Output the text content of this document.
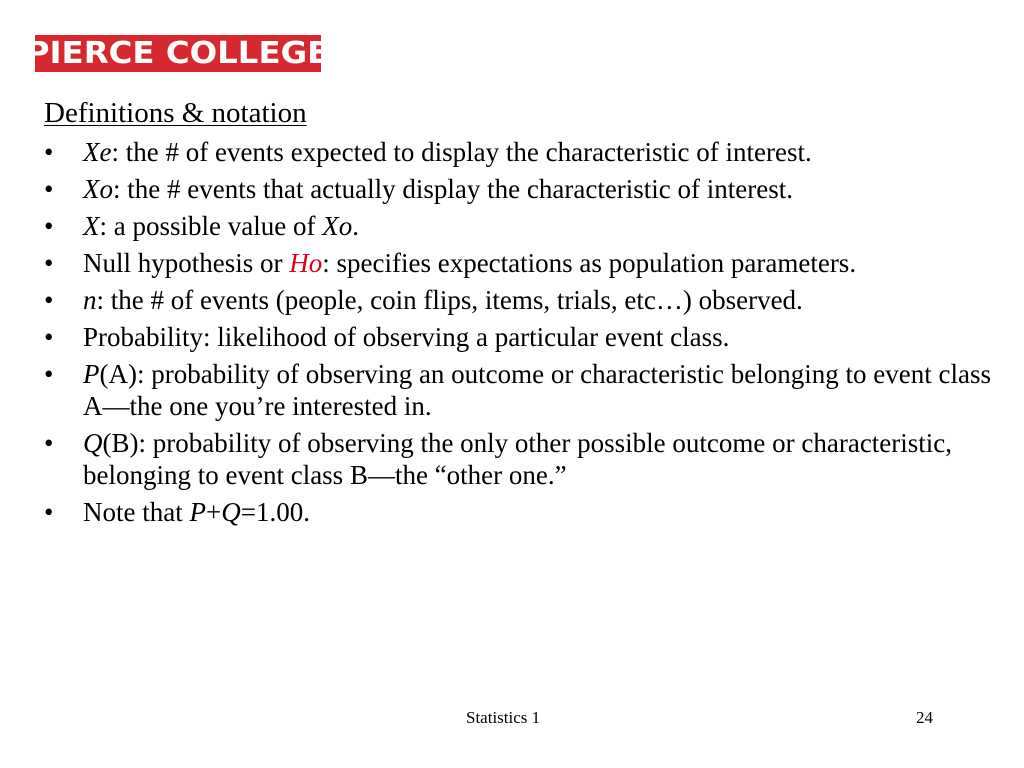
PIERCE COLLEGE
Definitions & notation
• Xe: the # of events expected to display the characteristic of interest.
• Xo: the # events that actually display the characteristic of interest.
• X: a possible value of Xo.
• Null hypothesis or Ho: specifies expectations as population parameters.
• n: the # of events (people, coin flips, items, trials, etc…) observed.
• Probability: likelihood of observing a particular event class.
• P(A): probability of observing an outcome or characteristic belonging to event class A—the one you’re interested in.
• Q(B): probability of observing the only other possible outcome or characteristic, belonging to event class B—the “other one.”
• Note that P+Q=1.00.
Statistics 1	24
